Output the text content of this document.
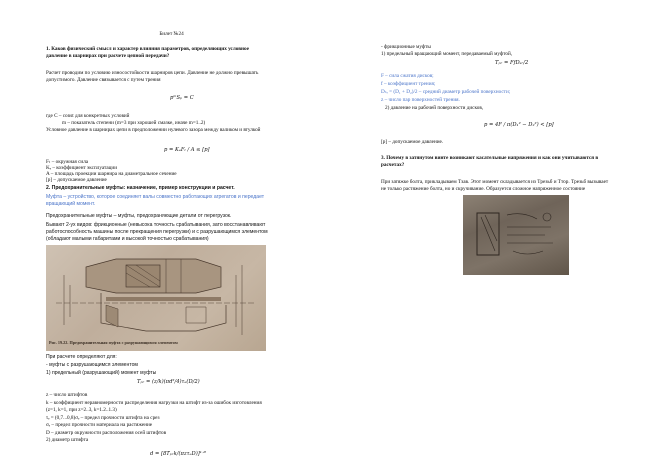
Билет №24
1. Каков физический смысл и характер влияния параметров, определяющих условное
давление в шарнирах при расчете цепной передачи?
Расчет проводим по условию износостойкости шарниров цепи. Давление не должно превышать
допустимого. Давление связывается с путем трения
pᵐSₚ = C
где С – const для конкретных условий
m – показатель степени (m=3 при хорошей смазке, иначе m=1..2)
Условное давление в шарнирах цепи в предположении нулевого зазора между валиком и втулкой
p = KₑFₜ / A ≤ [p]
Fₜ – окружная сила
Kₑ – коэффициент эксплуатации
A – площадь проекции шарнира на диаметральное сечение
[p] – допускаемое давление
2. Предохранительные муфты: назначение, пример конструкции и расчет.
Муфта – устройство, которое соединяет валы совместно работающих агрегатов и передает
вращающий момент.
Предохранительные муфты – муфты, предохраняющие детали от перегрузок.
Бывают 2-ух видов: фрикционные (невысока точность срабатывания, зато восстанавливают
работоспособность машины после прекращения перегрузки) и с разрушающимся элементом
(обладают малыми габаритами и высокой точностью срабатывания)
Рис. 19.22. Предохранительная муфта с разрушающимся элементом
При расчете определяют для:
- муфты с разрушающимся элементом
1) предельный (разрушающий) момент муфты
Tₚᵣ = (z/k)(πd²/4)τₑ(D/2)
z – число штифтов
k – коэффициент неравномерности распределения нагрузки на штифт из-за ошибок изготовления
(z=1, k=1, при z=2..3, k=1.2..1.3)
τₑ = (0,7...0,8)σₑ – предел прочности штифта на срез
σₑ – предел прочности материала на растяжение
D – диаметр окружности расположения осей штифтов
2) диаметр штифта
d = [8Tₚᵣk/(πzτₑD)]¹ᐟ²
- фрикционные муфты
1) предельный вращающий момент, передаваемый муфтой,
Tₚᵣ = FfDₛᵣ/2
F – сила сжатия дисков;
f – коэффициент трения;
Dₛᵣ = (D₁ + D₂)/2 – средний диаметр рабочей поверхности;
z – число пар поверхностей трения.
2) давление на рабочей поверхности дисков,
p = 4F / π(D₁² − D₂²) < [p]
[p] – допускаемое давление.
3. Почему в затянутом винте возникают касательные напряжения и как они учитываются в
расчетах?
При затяжке болта, прикладываем Tзав. Этот момент складывается из Tрезьб и Tтор. Tрезьб вызывает
не только растяжение болта, но и скручивание. Образуется сложное напряженное состояние
